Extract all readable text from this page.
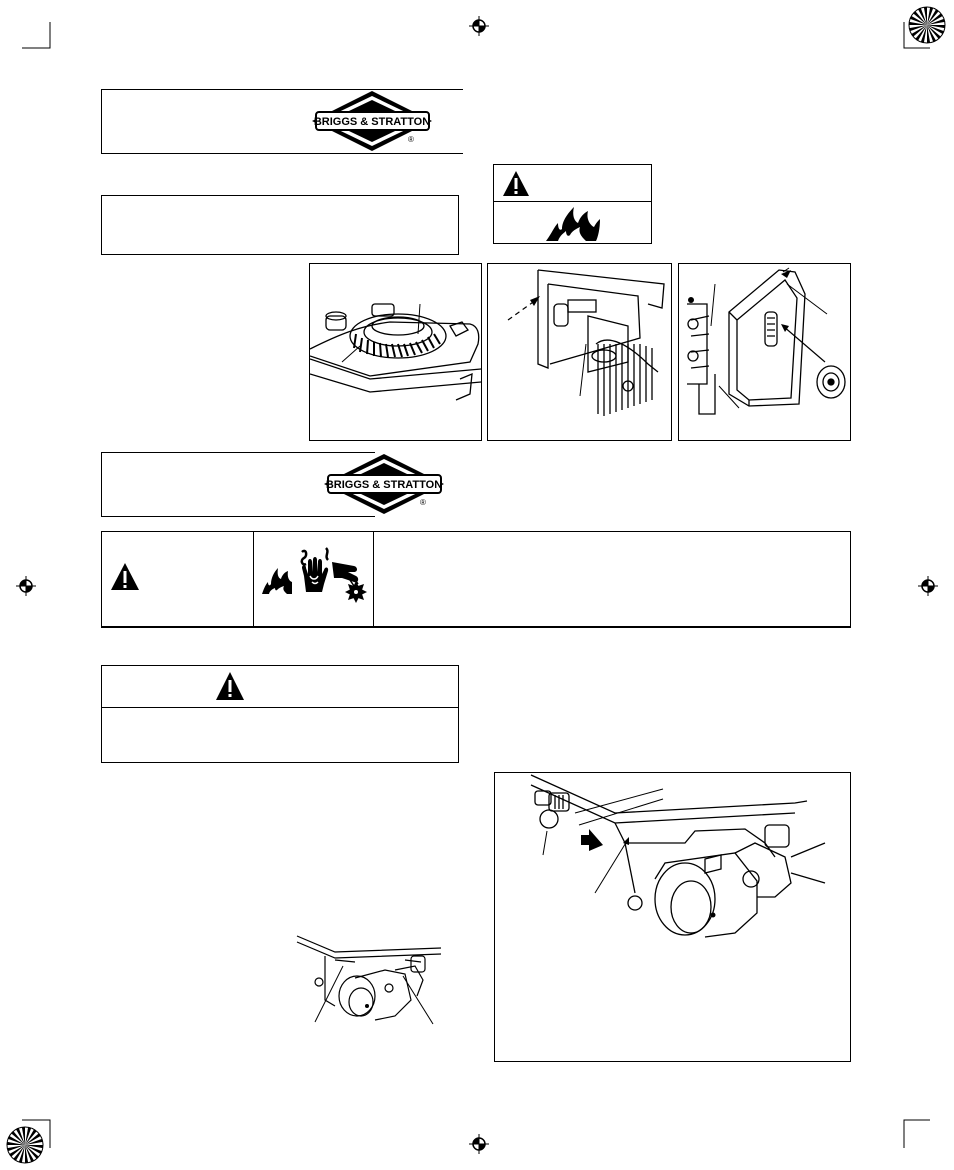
BRIGGS & STRATTON
®
BRIGGS & STRATTON
®
